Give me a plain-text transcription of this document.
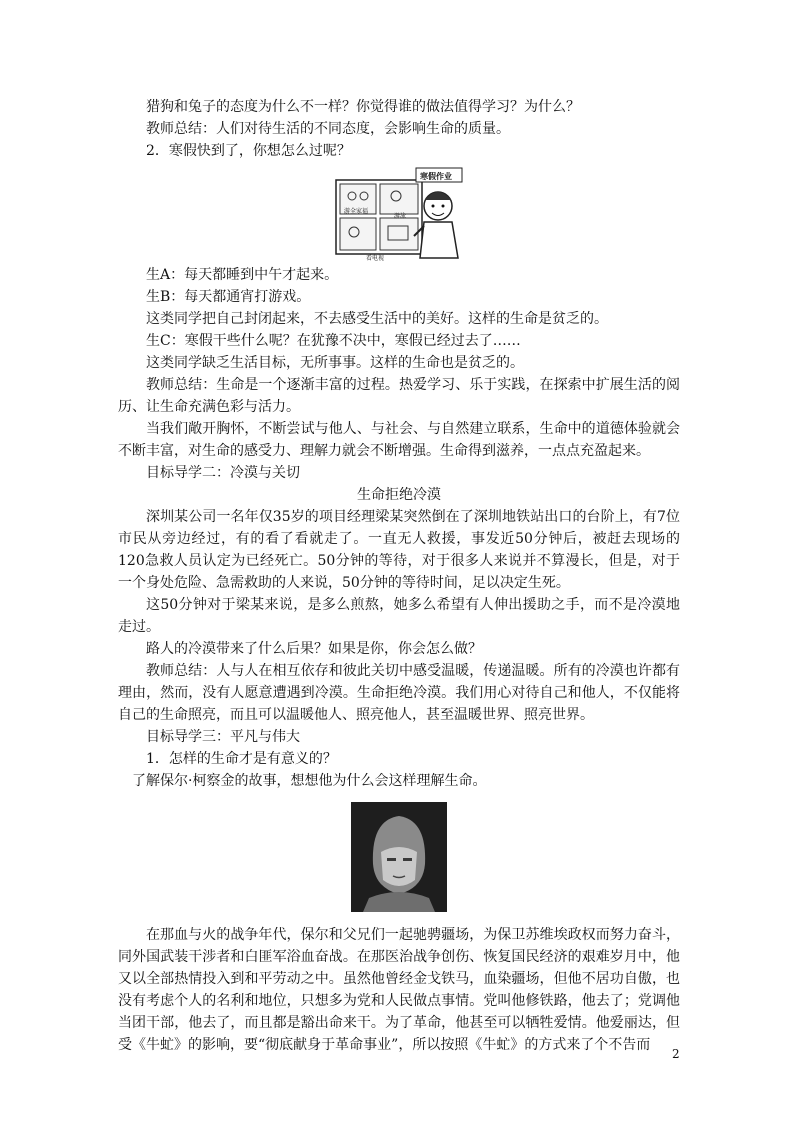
猎狗和兔子的态度为什么不一样？你觉得谁的做法值得学习？为什么？

教师总结：人们对待生活的不同态度，会影响生命的质量。

2．寒假快到了，你想怎么过呢？

游全家福
游泳
看电视
寒假作业

生A：每天都睡到中午才起来。

生B：每天都通宵打游戏。

这类同学把自己封闭起来，不去感受生活中的美好。这样的生命是贫乏的。

生C：寒假干些什么呢？在犹豫不决中，寒假已经过去了……

这类同学缺乏生活目标，无所事事。这样的生命也是贫乏的。

教师总结：生命是一个逐渐丰富的过程。热爱学习、乐于实践，在探索中扩展生活的阅历、让生命充满色彩与活力。

当我们敞开胸怀，不断尝试与他人、与社会、与自然建立联系，生命中的道德体验就会不断丰富，对生命的感受力、理解力就会不断增强。生命得到滋养，一点点充盈起来。

目标导学二：冷漠与关切

生命拒绝冷漠

深圳某公司一名年仅35岁的项目经理梁某突然倒在了深圳地铁站出口的台阶上，有7位市民从旁边经过，有的看了看就走了。一直无人救援，事发近50分钟后，被赶去现场的120急救人员认定为已经死亡。50分钟的等待，对于很多人来说并不算漫长，但是，对于一个身处危险、急需救助的人来说，50分钟的等待时间，足以决定生死。

这50分钟对于梁某来说，是多么煎熬，她多么希望有人伸出援助之手，而不是冷漠地走过。

路人的冷漠带来了什么后果？如果是你，你会怎么做？

教师总结：人与人在相互依存和彼此关切中感受温暖，传递温暖。所有的冷漠也许都有理由，然而，没有人愿意遭遇到冷漠。生命拒绝冷漠。我们用心对待自己和他人，不仅能将自己的生命照亮，而且可以温暖他人、照亮他人，甚至温暖世界、照亮世界。

目标导学三：平凡与伟大

1．怎样的生命才是有意义的？

了解保尔·柯察金的故事，想想他为什么会这样理解生命。

在那血与火的战争年代，保尔和父兄们一起驰骋疆场，为保卫苏维埃政权而努力奋斗，同外国武装干涉者和白匪军浴血奋战。在那医治战争创伤、恢复国民经济的艰难岁月中，他又以全部热情投入到和平劳动之中。虽然他曾经金戈铁马，血染疆场，但他不居功自傲，也没有考虑个人的名利和地位，只想多为党和人民做点事情。党叫他修铁路，他去了；党调他当团干部，他去了，而且都是豁出命来干。为了革命，他甚至可以牺牲爱情。他爱丽达，但受《牛虻》的影响，要“彻底献身于革命事业”，所以按照《牛虻》的方式来了个不告而

2
